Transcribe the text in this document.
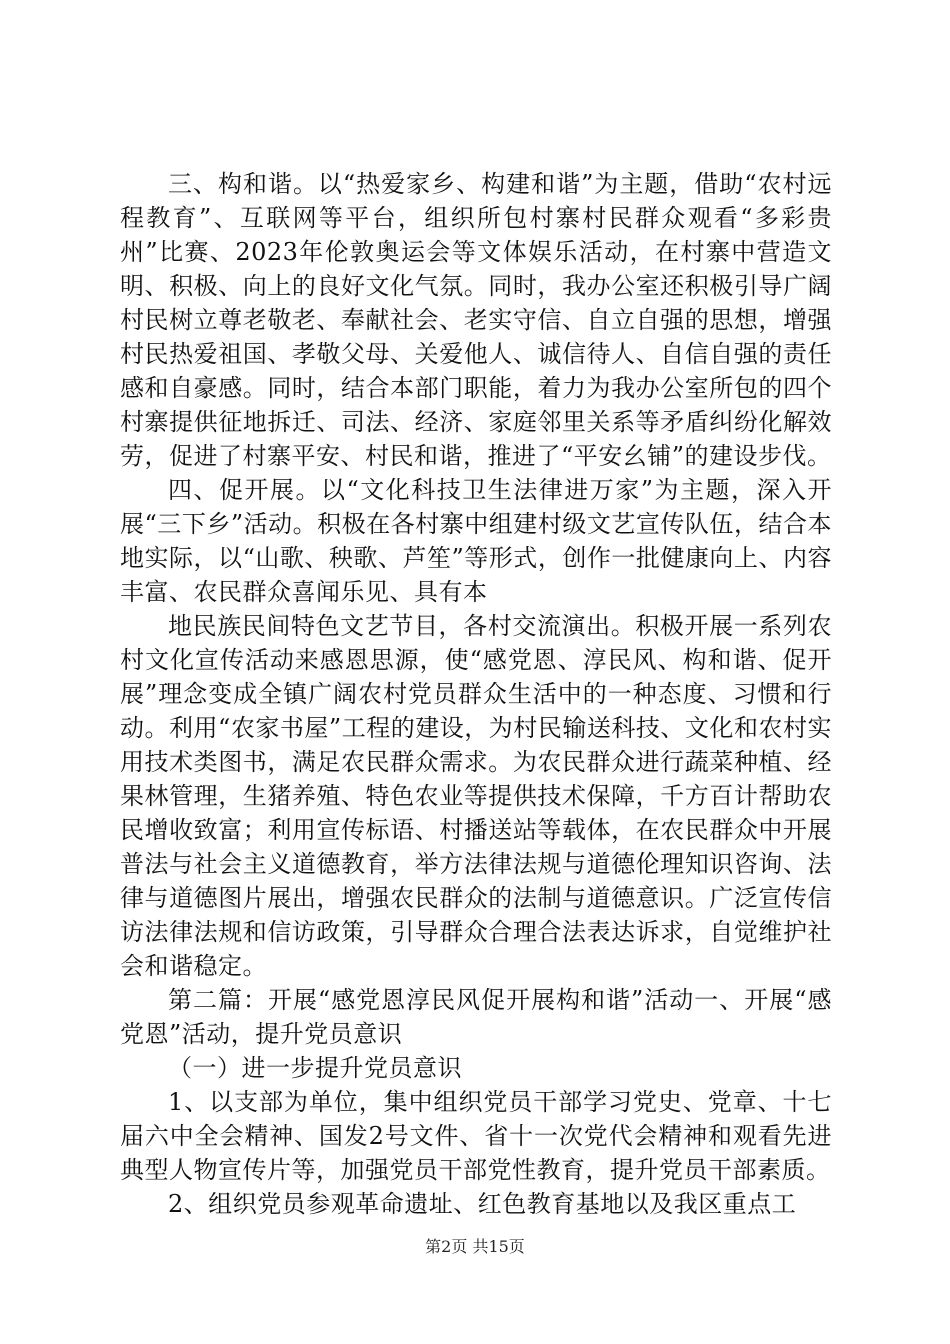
三、构和谐。以“热爱家乡、构建和谐”为主题，借助“农村远程教育”、互联网等平台，组织所包村寨村民群众观看“多彩贵州”比赛、2023年伦敦奥运会等文体娱乐活动，在村寨中营造文明、积极、向上的良好文化气氛。同时，我办公室还积极引导广阔村民树立尊老敬老、奉献社会、老实守信、自立自强的思想，增强村民热爱祖国、孝敬父母、关爱他人、诚信待人、自信自强的责任感和自豪感。同时，结合本部门职能，着力为我办公室所包的四个村寨提供征地拆迁、司法、经济、家庭邻里关系等矛盾纠纷化解效劳，促进了村寨平安、村民和谐，推进了“平安幺铺”的建设步伐。

四、促开展。以“文化科技卫生法律进万家”为主题，深入开展“三下乡”活动。积极在各村寨中组建村级文艺宣传队伍，结合本地实际，以“山歌、秧歌、芦笙”等形式，创作一批健康向上、内容丰富、农民群众喜闻乐见、具有本

地民族民间特色文艺节目，各村交流演出。积极开展一系列农村文化宣传活动来感恩思源，使“感党恩、淳民风、构和谐、促开展”理念变成全镇广阔农村党员群众生活中的一种态度、习惯和行动。利用“农家书屋”工程的建设，为村民输送科技、文化和农村实用技术类图书，满足农民群众需求。为农民群众进行蔬菜种植、经果林管理，生猪养殖、特色农业等提供技术保障，千方百计帮助农民增收致富；利用宣传标语、村播送站等载体，在农民群众中开展普法与社会主义道德教育，举方法律法规与道德伦理知识咨询、法律与道德图片展出，增强农民群众的法制与道德意识。广泛宣传信访法律法规和信访政策，引导群众合理合法表达诉求，自觉维护社会和谐稳定。

第二篇：开展“感党恩淳民风促开展构和谐”活动一、开展“感党恩”活动，提升党员意识

（一）进一步提升党员意识

1、以支部为单位，集中组织党员干部学习党史、党章、十七届六中全会精神、国发2号文件、省十一次党代会精神和观看先进典型人物宣传片等，加强党员干部党性教育，提升党员干部素质。

2、组织党员参观革命遗址、红色教育基地以及我区重点工

第2页 共15页
